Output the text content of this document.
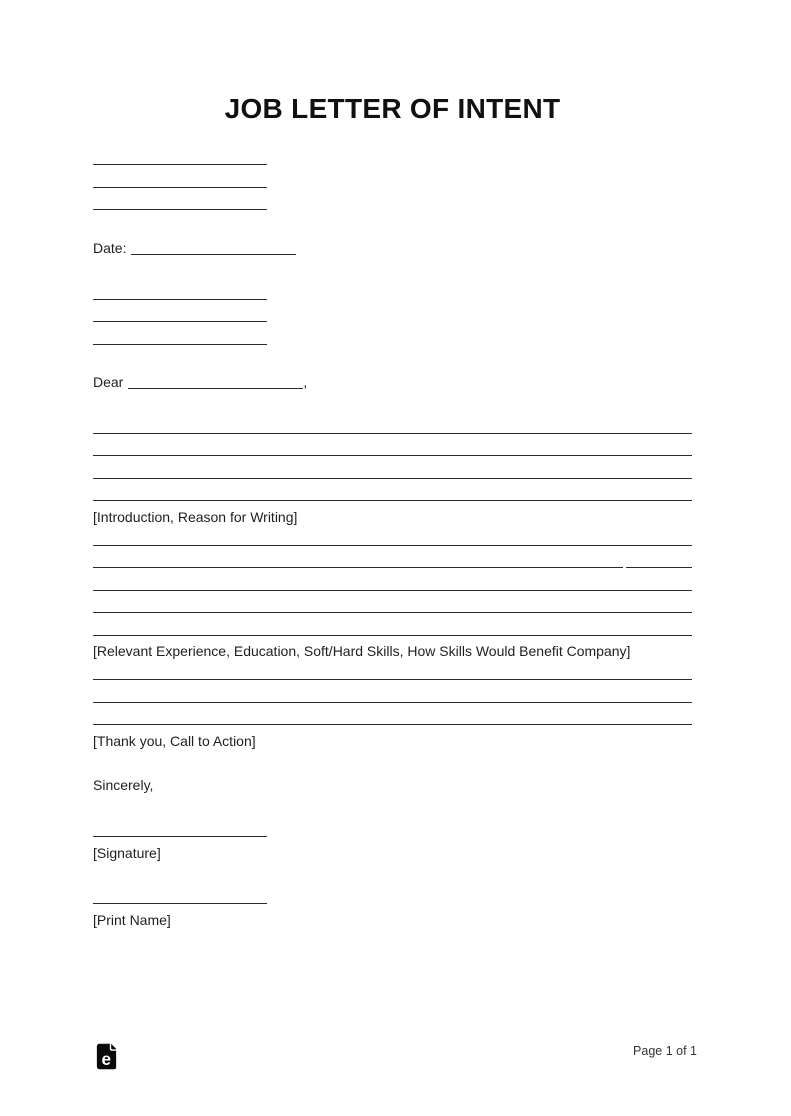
JOB LETTER OF INTENT
Date:
Dear	,
[Introduction, Reason for Writing]
[Relevant Experience, Education, Soft/Hard Skills, How Skills Would Benefit Company]
[Thank you, Call to Action]
Sincerely,
[Signature]
[Print Name]
e	Page 1 of 1
